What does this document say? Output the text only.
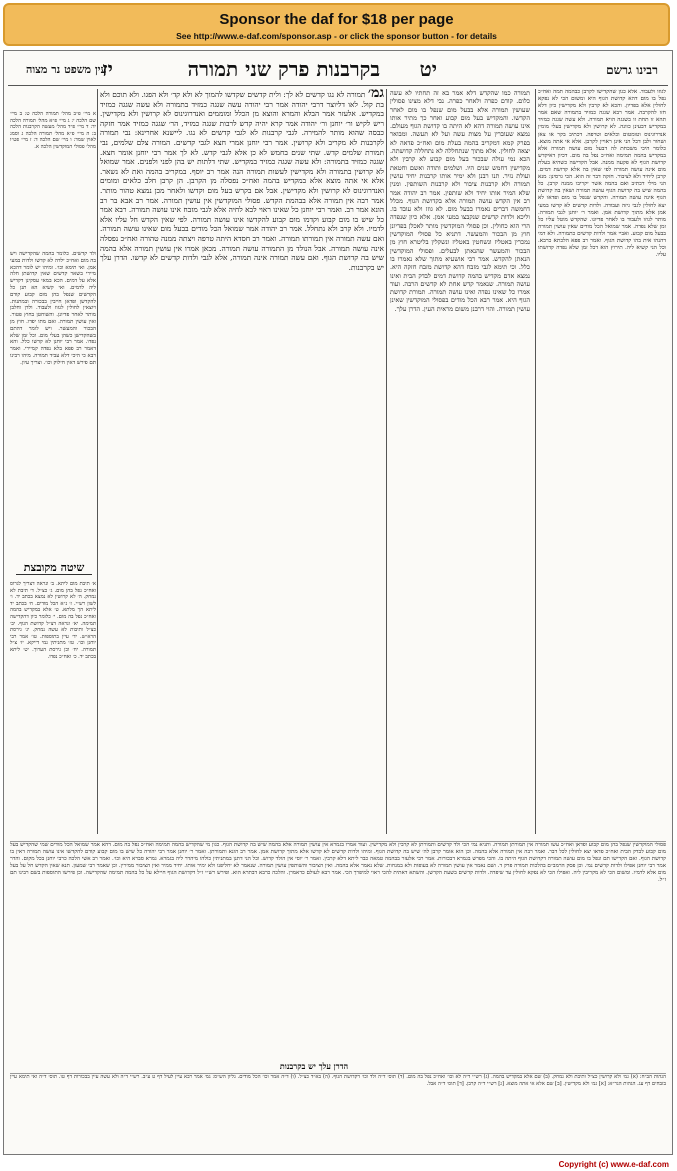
Sponsor the daf for $18 per page
See http://www.e-daf.com/sponsor.asp - or click the sponsor button - for details
רבינו גרשם
יט
בקרבנות פרק שני תמורה
יז
עין משפט נר מצוה
לגוזו ולעבוד. אלא כגון שהקדישו לקרבן כבהמה תמה ואח״כ נפל בו מום דהא קדושת הגוף היא ומשום הכי לא נפקא לחולין אלא בפדיון. והכא לא קרבין ולא מקדישין כיון דלא חזו להקרבה. אמר רבא שגגה כמזיד בתמורה שאם אמר תהא זו תחת זו בשגגה הויא תמורה. ולא עשה שגגה כמזיד במקדיש דבעינן כוונה. לא קרושין ולא מקדישין בעלי מומין אנדרוגינוס וטומטום וכלאים וטרפה. דכתיב בקר או צאן ושחור ולבן דכל הני אינן ראויין לקרבן. אלא אי אתה מוצא. כלומר היכי משכחת לה דבעל מום עושה תמורה אלא במקדיש בהמה תמימה ואח״כ נפל בה מום. דכיון דאיקדש קדושת הגוף לא פקעה ממנה. אבל הקדישה כשהיא בעלת מום אינה עושה תמורה לפי שאין בה אלא קדושת דמים. קרבן ליחיד ולא לציבור. חזקה דבר זה הוא. הכי גרסינן: מנא הני מילי דכתיב ואם בהמה אשר יקריבו ממנה קרבן. כל בהמה שיש בה קדושת הגוף עושה תמורה ושאין בה קדושת הגוף אינה עושה תמורה. והקדש שנפל בו מום ופדאו לא יצא לחולין לגבי גיזה ועבודה. ולדות קדשים לא קדשו במעי אמן אלא מתוך קדושת אמן. ואמר ר׳ יוחנן לגבי תמורה. מותר לגוזו ולעבוד בו לאחר פדיונו. שהקדש מוטל עליו כל זמן שלא נפדה. אמר שמואל הכל מודים שאין עושין תמורה בבעל מום קבוע. ואביי אמר ולדות קדשים כתמורה. ולא דמי דהנהו אית בהו קדושת הגוף. ואמר רב פפא הלכתא כרבא. וכל הני קשיא ליה. תירוץ הוא דכל זמן שלא נפדה קדושתו עליו.
תמורה כמו שהקדש דלא אמר בא זה תחתיו לא עשה כלום. קודם כפרה ולאחר כפרה. נבי דלא מצינו פסולין שעושין תמורה אלא בבעל מום שנפל בו מום לאחר הקדשו. והמקדיש בעל מום קבוע ואחר כך מתיר אותו אינו עושה תמורה דהא לא היתה בו קדושת הגוף מעולם. נמצא שעוברין על מצות עשה ועל לא תעשה. ומבואר בפרק קמא דמקריב בהמה בעלת מום ואח״כ פדאה לא יצאה לחולין. אלא מתוך שנתחללה לא נתחללה קדושתה. הכא נמי עולה שבכור בעל מום קבוע לא קרבין ולא מקדישין דחמש שנים היו. ושלמים ותודה ואשם וחטאת ועולת נזיר. תנו רבנן ולא ימיר אותו קרבנות יחיד עושין תמורה ולא קרבנות ציבור ולא קרבנות השותפין. ומנין שלא המיר אותו יחיד ולא שותפין. אמר רב יהודה אמר רב אין הקדש עושה תמורה אלא בקדושת הגוף. מכלל דחמשה דברים נאמרו בבעל מום. לא גוזז ולא עובד בו. וליכא ולדות קדשים שנקבצו במעי אמן. אלא כיון שנפדה הרי הוא כחולין. וכן פסולי המוקדשין מותר לאכלן בפדיונן חוץ מן הבכור והמעשר. דתניא כל פסולי המוקדשין נמכרין באטליז ונשחטין באטליז ונשקלין בליטרא חוץ מן הבכור והמעשר שהנאתן לבעלים. ופסולי המוקדשין הנאתן להקדש. אמר רבי אושעיא מתוך שלא נאמרו בו כלל. וכי תימא לגבי מזבח דהא קדושת מזבח חזקה היא. נמצא אדם מקדיש בהמה קדושת דמים לבדק הבית ואינו עושה תמורה. שנאמר קדש אחת לא קדשים הרבה. ועוד אמרו כל שאינו נפדה ואינו עושה תמורה. תמורת קדושת הגוף היא. אמר רבא הכל מודים בפסולי המוקדשין שאינן עושין תמורה. והוי דרבנן משום מראית העין. הדרן עלך.
גמ׳ תמורה לא נגו קדשים לא לך: ולית קדשים שקדשו להמוך לא ולא קד׳ ולא הפגו. ולא תוכם ולא בת קול. לאו דליוצר דרבי יהודה אמר רבי יהודה עשה שגגה כמזיד בתמורה ולא עשה שגגה כמזיד במקדיש. אלעזר אמר הבלא והמרא והוצא מן הכלל ומוממים ואנדרוגינוס לא קרושין ולא מקדישין. ריש לקיש ור׳ יוחנן ור׳ יהודה אמר קרא יהיה קדש לרבות שגגה כמזיד, הר׳ שגגה כמזיד אמר חזקה כבסה שהוא מותר להמירה. לגבי קרבנות לא לגבי קדשים לא נגו. ליישנא אחרינא: נבי תמורה לקרבנות לא מקריב ולא קרושין. אמר רבי יוחנן אמרי חצא לגבי קדשים. המורה צלם שלמים, נבי תמורת שלמים קדש. שתי שנים בחמש לא כן אלא לגבי קדש. לא לך אמר רבי יוחנן אומר חצא. שגגה כמזיד בתמורה: ולא עשה שגגה כמזיד במקדיש. שתי דלתות יש בהן לפני ולפנים. אמר שמואל לא קרושין בתמורה ולא מקדישין לעשות תמורה הנה אמר רב יוסף. במקריב בהמה ואת לא נשאר. אלא אי אתה מוצא אלא במקדיש בהמה ואח״כ נפסלה מן הקרבן. הן קרבן חלב כלאים ומומים ואנדרוגינוס לא קרושין ולא מקדישין. אבל אם בקרש בעל מום וקדשו ולאחר מכן נמצא טהור מותר. אמר רבה אין תמורה אלא בבהמת הקדש. פסולי המוקדשין אין עושין תמורה. אמר רב אבא בר רב הונא אמר רב. ואמר רבי יוחנן כל שאינו ראוי לבא לחיה אלא לגבי מזבח אינו עושה תמורה. רבא אמר כל שיש בו מום קבוע וקדמו מום קבוע להקדשו אינו עושה תמורה. לפי שאין הקדש חל עליו אלא לדמיו. ולא קרב ולא נתחלל. אמר רב יהודה אמר שמואל הכל מודים בבעל מום שאינו עושה תמורה. ואם עשה תמורה אין תמורתו תמורה. ואמר רב חסדא היתה טרפה ויצתה ממנה טהורה ואח״כ נפסלה אינה עושה תמורה. אבל הנולד מן התמורה עושה תמורה. מכאן אמרו אין עושין תמורה אלא בהמה שיש בה קדושת הגוף. ואם עשה תמורה אינה תמורה, אלא לגבי ולדות קדשים לא קדשו. הדרן עלך יש בקרבנות.
א מיי׳ פ״ב מהל׳ תמורה הלכה ט: ב מיי׳ שם הלכה י: ג מיי׳ פ״א מהל׳ תמורה הלכה יד: ד מיי׳ פ״ד מהל׳ מעשה הקרבנות הלכה ב: ה מיי׳ פ״א מהל׳ תמורה הלכה ג וסמג לאוין שמד: ו מיי׳ שם הלכה ד: ז מיי׳ פט״ו מהל׳ פסולי המוקדשין הלכה א.
ולד קדשים. כלומר בהמה שהקדישה ויש בה מום ואח״כ ילדה לא קדשו ולדות במעי אמן. ואי תימא וכו׳. ומיהו יש לומר דהכא מיירי בשאר קדשים שאין קדושתן חלה אלא על דמים. הכא במאי עסקינן דקדיש ליה לדמים. ואי קשיא הא תנן כל הקדשים שנפל בהן מום קבוע קודם להקדשן ופדאן חייבין בבכורה ובמתנות. ויוצאין לחולין לגזוז ולעבוד. ולדן וחלבן מותר לאחר פדיונן. והשוחטן בחוץ פטור. ואין עושין תמורה. ואם מתו יפדו. חוץ מן הבכור והמעשר. ויש לומר דהתם בשהקדישן כשהן בעלי מום. וכל זמן שלא נפדו. אמר רבי יוחנן לא קדשו כלל. והא דאמר רב פפא בלא נפדה קמיירי. ואמר רבא כי היכי דלא עביד תמורה. מיהו רבינו תם פירש דאין חילוק וכו׳. וצריך עיון.
שיטה מקובצת
א׳ תיבת מום ליתא. ב׳ ונראה דצריך לגרוס ואח״כ נפל בהן מום. ג׳ כצ״ל. ד׳ תיבת לא נמחק. ה׳ לא קרושין לא נמצא בכתב יד. ו׳ לשון רש״י. ז׳ נ״א הכל מודים. ח׳ בכתב יד ליתא הך מלתא. ט׳ אלא במקדיש בהמה ואח״כ נפל בה מום. י׳ כלומר כיון דהקדישה תמימה. יא׳ ונראה דצ״ל קדושת הגוף. יב׳ כצ״ל ותיבות לא עשה נמחק. יג׳ גירסת הרא״ש. יד׳ עיין בתוספות. טו׳ אמר רבי יוחנן וכו׳. טז׳ מתניתין נמי דייקא. יז׳ צ״ל תמורה. יח׳ וכן גירסת הערוך. יט׳ ליתא בכתב יד. כ׳ ואח״כ נפדו.
פסולי המוקדשין שנפל בהן מום קבוע ופדאן ואח״כ עשו תמורה אין תמורתן תמורה. ותניא נמי הכי ולד קדשים ותמורתן לא קרבין ולא מקדישין. ועוד אמרו בגמרא אין עושין תמורה אלא בהמה שיש בה קדושת הגוף. כגון מי שהקדיש בהמה תמימה ואח״כ נפל בה מום. דהא אמר שמואל הכל מודים שמי שהקדיש בעל מום קבוע לבדק הבית ואח״כ פדאו יצא לחולין לכל דבר. ואמר רבה אין תמורה אלא בהמה. וכן הוא אומר קרבן לה׳ שיש בה קדושת הגוף. ומיהו ולדות קדשים לא קדשו אלא מתוך קדושת אמן. אמר רב הונא ותמורתן. ואמר ר׳ יוחנן אמר רבי יהודה כל שיש בו מום קבוע קודם להקדשו אינו עושה תמורה דאין בו קדושת הגוף. ואם הקדישו תם ונפל בו מום עושה תמורה דקדושת הגוף היתה בו. והכי מפרש בגמרא דבכורות. אמר רבי אלעזר בבהמה טמאה כבר ליתא דלא קרבין. ואמר ר׳ יוסי אין הולד קדוש. וכל הני דתנן במתניתין כולהו מיהדר ליה בגמרא. גמרא סברא היא וכו׳. ואמר רב אשי הלכה כרבי יוחנן בכל מקום. והדר אמר רבי יוחנן אפילו ולדות קדשים נמי. וכן פסק הרמב״ם בהלכות תמורה פרק ד. ושם נאמר אין עושין תמורה לא בעופות ולא במנחות. שלא נאמר אלא בהמה. ואין הציבור והשותפין עושין תמורה. שנאמר לא יחליפנו ולא ימיר אותו. יחיד ממיר ואין הציבור ממירין. וכן שאמר רבי שמעון. תנא שאין הקדש חל על בעל מום אלא לדמיו. ומשום הכי לא מקריבין ליה. ואפילו הכי לא נפקא לחולין עד שיפדה. ולדות קדשים בשעת הקדשן. והשתא דאתית להכי ראוי למיפרך הכי. אמר רבא לעולם כדאמרן. והלכה כרבא דבתרא הוא. ופירש רש״י ז״ל דקדושת הגוף חיילא על כל בהמה תמימה שהקדישה. וכן פירשו התוספות בשם רבינו תם ז״ל.
הדרן עלך יש בקרבנות
הגהות הב״ח: (א) גמ׳ ולא קרושין כצ״ל ותיבת ולא נמחק. (ב) שם אלא במקדיש בהמה. (ג) רש״י ד״ה לא וכו׳ ואח״כ נפל בה מום. (ד) תוס׳ ד״ה ולד וכו׳ דקדושת הגוף. (ה) בא״ד כצ״ל. (ו) ד״ה אמר וכו׳ הכל מודים. גליון הש״ס: גמ׳ אמר רבא עיין לעיל דף ט ע״ב. רש״י ד״ה ולא עשה עיין בבכורות דף טו. תוס׳ ד״ה ואי תימא עיין בזבחים דף עג. הגהות הגר״א: [א] גמ׳ ולא מקדישין. [ב] שם אלא אי אתה מוצא. [ג] רש״י ד״ה קרבן. [ד] תוס׳ ד״ה אבל.
Copyright (c) www.e-daf.com
